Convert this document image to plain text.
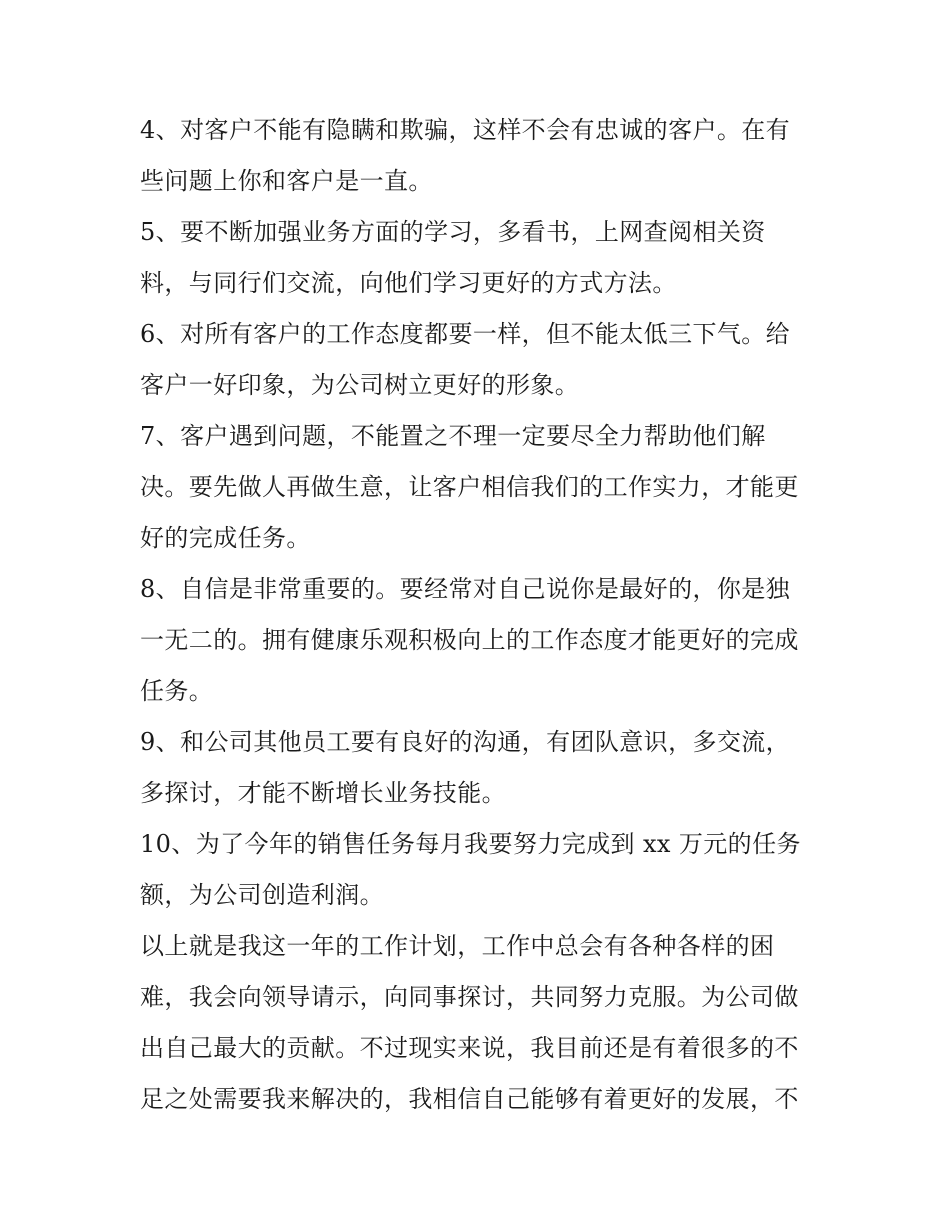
4、对客户不能有隐瞒和欺骗，这样不会有忠诚的客户。在有
些问题上你和客户是一直。

5、要不断加强业务方面的学习，多看书，上网查阅相关资
料，与同行们交流，向他们学习更好的方式方法。

6、对所有客户的工作态度都要一样，但不能太低三下气。给
客户一好印象，为公司树立更好的形象。

7、客户遇到问题，不能置之不理一定要尽全力帮助他们解
决。要先做人再做生意，让客户相信我们的工作实力，才能更
好的完成任务。

8、自信是非常重要的。要经常对自己说你是最好的，你是独
一无二的。拥有健康乐观积极向上的工作态度才能更好的完成
任务。

9、和公司其他员工要有良好的沟通，有团队意识，多交流，
多探讨，才能不断增长业务技能。

10、为了今年的销售任务每月我要努力完成到 xx 万元的任务
额，为公司创造利润。

以上就是我这一年的工作计划，工作中总会有各种各样的困
难，我会向领导请示，向同事探讨，共同努力克服。为公司做
出自己最大的贡献。不过现实来说，我目前还是有着很多的不
足之处需要我来解决的，我相信自己能够有着更好的发展，不
